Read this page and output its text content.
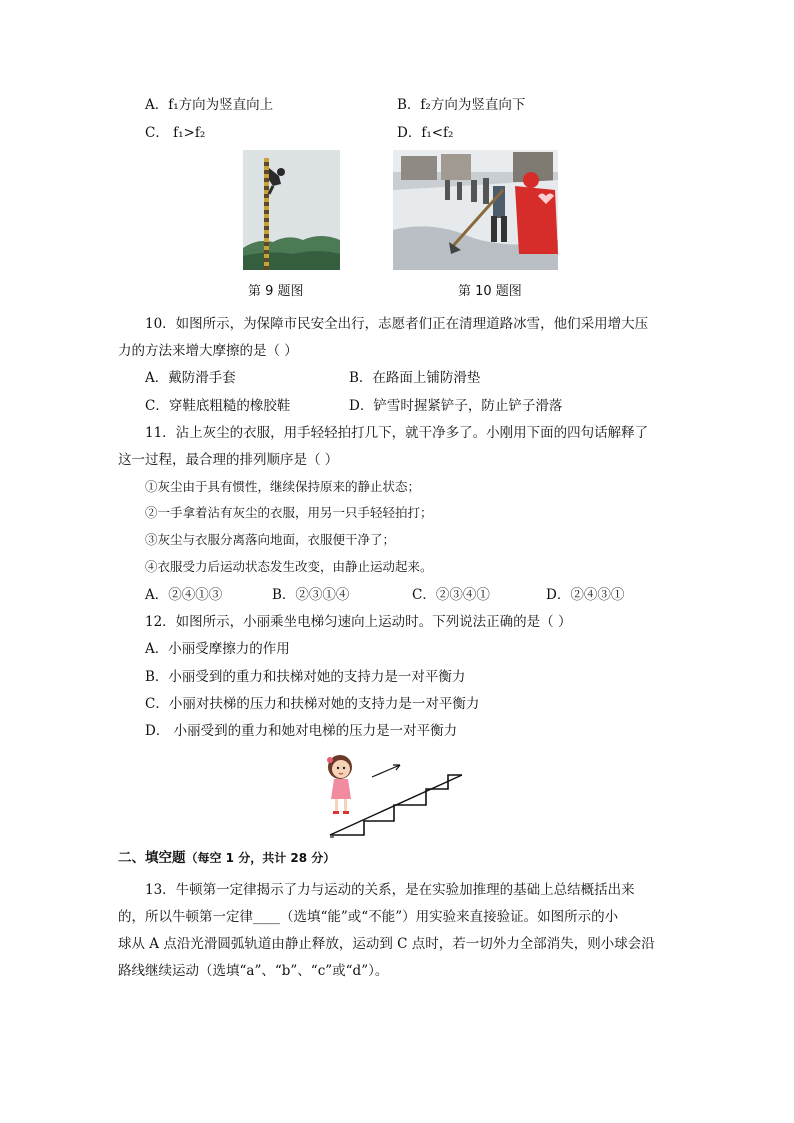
A．f₁方向为竖直向上	B．f₂方向为竖直向下
C． f₁>f₂	D．f₁<f₂
第 9 题图	第 10 题图
10．如图所示，为保障市民安全出行，志愿者们正在清理道路冰雪，他们采用增大压
力的方法来增大摩擦的是（ ）
A．戴防滑手套	B．在路面上铺防滑垫
C．穿鞋底粗糙的橡胶鞋	D．铲雪时握紧铲子，防止铲子滑落
11．沾上灰尘的衣服，用手轻轻拍打几下，就干净多了。小刚用下面的四句话解释了
这一过程，最合理的排列顺序是（ ）
①灰尘由于具有惯性，继续保持原来的静止状态；
②一手拿着沾有灰尘的衣服，用另一只手轻轻拍打；
③灰尘与衣服分离落向地面，衣服便干净了；
④衣服受力后运动状态发生改变，由静止运动起来。
A．②④①③	B．②③①④	C．②③④①	D．②④③①
12．如图所示，小丽乘坐电梯匀速向上运动时。下列说法正确的是（ ）
A．小丽受摩擦力的作用
B．小丽受到的重力和扶梯对她的支持力是一对平衡力
C．小丽对扶梯的压力和扶梯对她的支持力是一对平衡力
D． 小丽受到的重力和她对电梯的压力是一对平衡力
二、填空题（每空 1 分，共计 28 分）
13．牛顿第一定律揭示了力与运动的关系，是在实验加推理的基础上总结概括出来
的，所以牛顿第一定律____（选填“能”或“不能”）用实验来直接验证。如图所示的小
球从 A 点沿光滑圆弧轨道由静止释放，运动到 C 点时，若一切外力全部消失，则小球会沿
路线继续运动（选填“a”、“b”、“c”或“d”）。
